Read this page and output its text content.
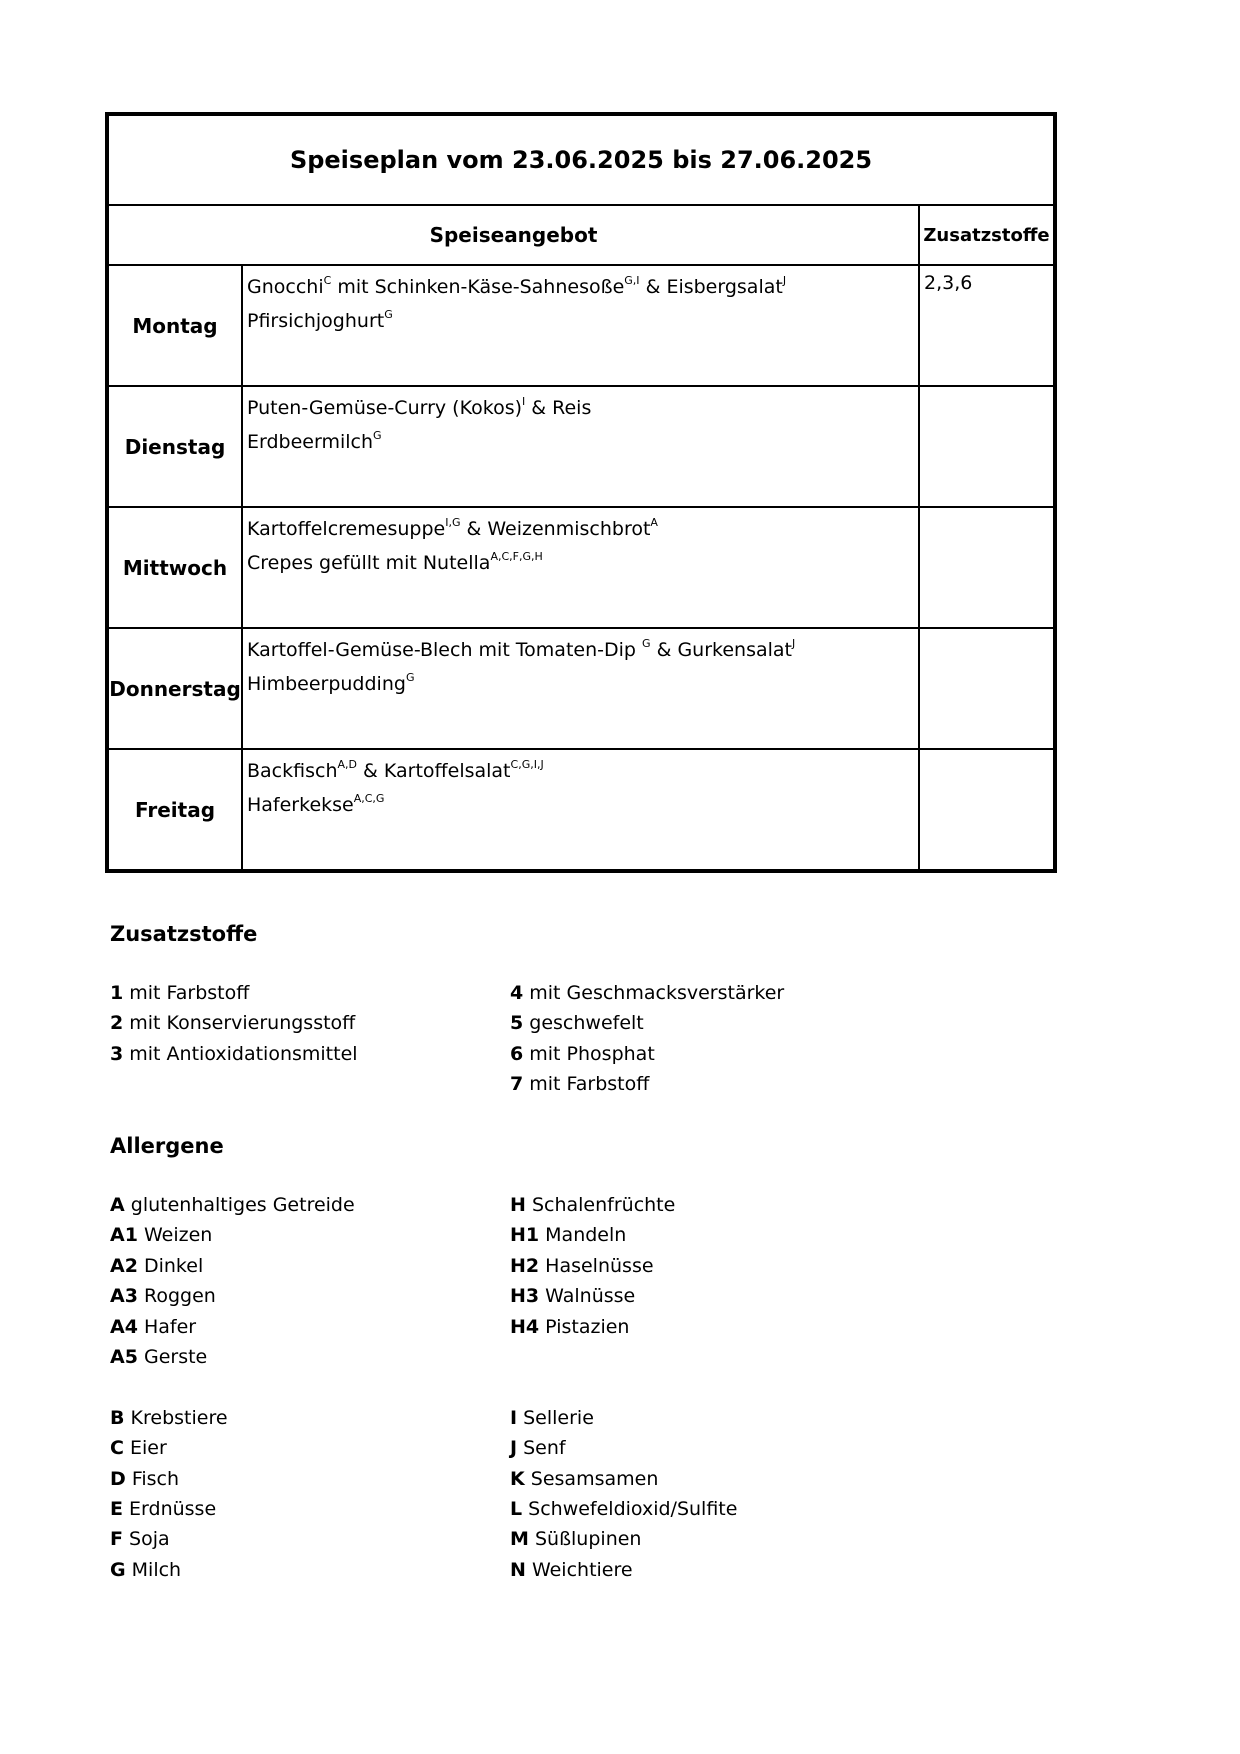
Speiseplan vom 23.06.2025 bis 27.06.2025		
Speiseangebot		Zusatzstoffe
Montag	Gnocchi$^C$ mit Schinken-Käse-Sahnesoße$^{G,I}$ & Eisbergsalat$^J$
Pfirsichjoghurt$^G$	2,3,6
Dienstag	Puten-Gemüse-Curry (Kokos)$^I$ & Reis
Erdbeermilch$^G$

Mittwoch	Kartoffelcremesuppe$^{I,G}$ & Weizenmischbrot$^A$
Crepes gefüllt mit Nutella$^{A,C,F,G,H}$

Donnerstag	Kartoffel-Gemüse-Blech mit Tomaten-Dip $^G$ & Gurkensalat$^J$
Himbeerpudding$^G$

Freitag	Backfisch$^{A,D}$ & Kartoffelsalat$^{C,G,I,J}$
Haferkekse$^{A,C,G}$

Zusatzstoffe
1 mit Farbstoff
2 mit Konservierungsstoff
3 mit Antioxidationsmittel
4 mit Geschmacksverstärker
5 geschwefelt
6 mit Phosphat
7 mit Farbstoff
Allergene
A glutenhaltiges Getreide
A1 Weizen
A2 Dinkel
A3 Roggen
A4 Hafer
A5 Gerste
B Krebstiere
C Eier
D Fisch
E Erdnüsse
F Soja
G Milch
H Schalenfrüchte
H1 Mandeln
H2 Haselnüsse
H3 Walnüsse
H4 Pistazien
I Sellerie
J Senf
K Sesamsamen
L Schwefeldioxid/Sulfite
M Süßlupinen
N Weichtiere
